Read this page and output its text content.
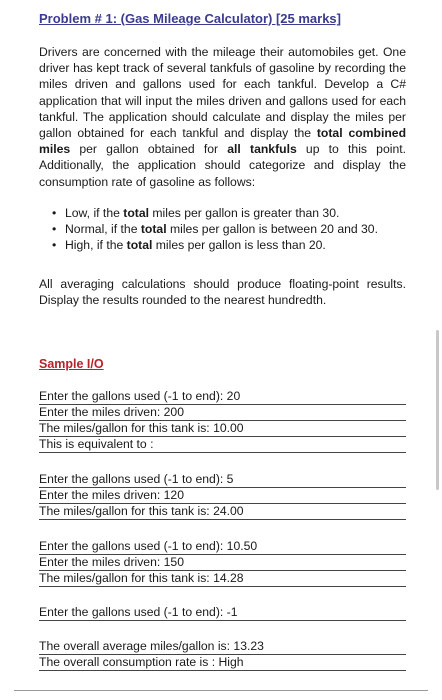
Problem # 1: (Gas Mileage Calculator) [25 marks]
Drivers are concerned with the mileage their automobiles get. One driver has kept track of several tankfuls of gasoline by recording the miles driven and gallons used for each tankful. Develop a C# application that will input the miles driven and gallons used for each tankful. The application should calculate and display the miles per gallon obtained for each tankful and display the total combined miles per gallon obtained for all tankfuls up to this point. Additionally, the application should categorize and display the consumption rate of gasoline as follows:
• Low, if the total miles per gallon is greater than 30.
• Normal, if the total miles per gallon is between 20 and 30.
• High, if the total miles per gallon is less than 20.
All averaging calculations should produce floating-point results. Display the results rounded to the nearest hundredth.
Sample I/O
Enter the gallons used (-1 to end): 20
Enter the miles driven: 200
The miles/gallon for this tank is: 10.00
This is equivalent to :
Enter the gallons used (-1 to end): 5
Enter the miles driven: 120
The miles/gallon for this tank is: 24.00
Enter the gallons used (-1 to end): 10.50
Enter the miles driven: 150
The miles/gallon for this tank is: 14.28
Enter the gallons used (-1 to end): -1
The overall average miles/gallon is: 13.23
The overall consumption rate is : High
